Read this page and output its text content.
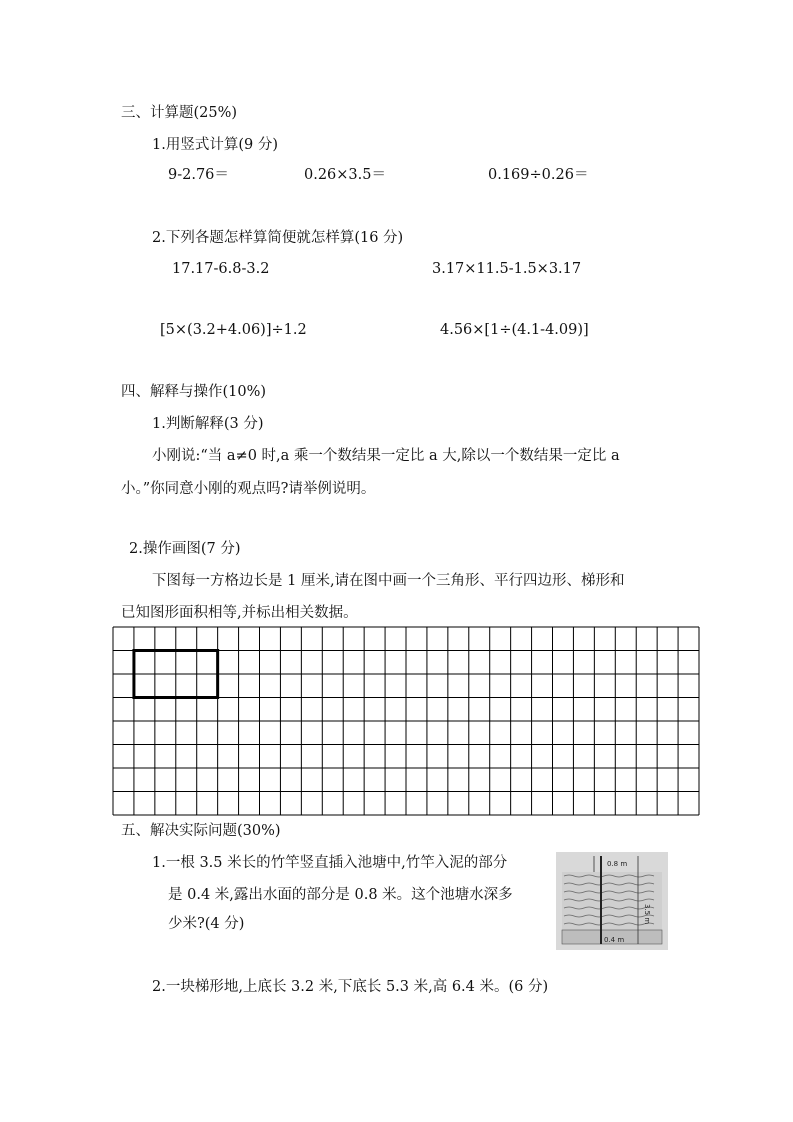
三、计算题(25%)
1.用竖式计算(9 分)
9-2.76＝	0.26×3.5＝	0.169÷0.26＝
2.下列各题怎样算简便就怎样算(16 分)
17.17-6.8-3.2	3.17×11.5-1.5×3.17
[5×(3.2+4.06)]÷1.2	4.56×[1÷(4.1-4.09)]
四、解释与操作(10%)
1.判断解释(3 分)
小刚说:“当 a≠0 时,a 乘一个数结果一定比 a 大,除以一个数结果一定比 a
小。”你同意小刚的观点吗?请举例说明。
2.操作画图(7 分)
下图每一方格边长是 1 厘米,请在图中画一个三角形、平行四边形、梯形和
已知图形面积相等,并标出相关数据。
五、解决实际问题(30%)
1.一根 3.5 米长的竹竿竖直插入池塘中,竹竿入泥的部分
是 0.4 米,露出水面的部分是 0.8 米。这个池塘水深多
少米?(4 分)
0.8 m
3.5 m
0.4 m
2.一块梯形地,上底长 3.2 米,下底长 5.3 米,高 6.4 米。(6 分)
